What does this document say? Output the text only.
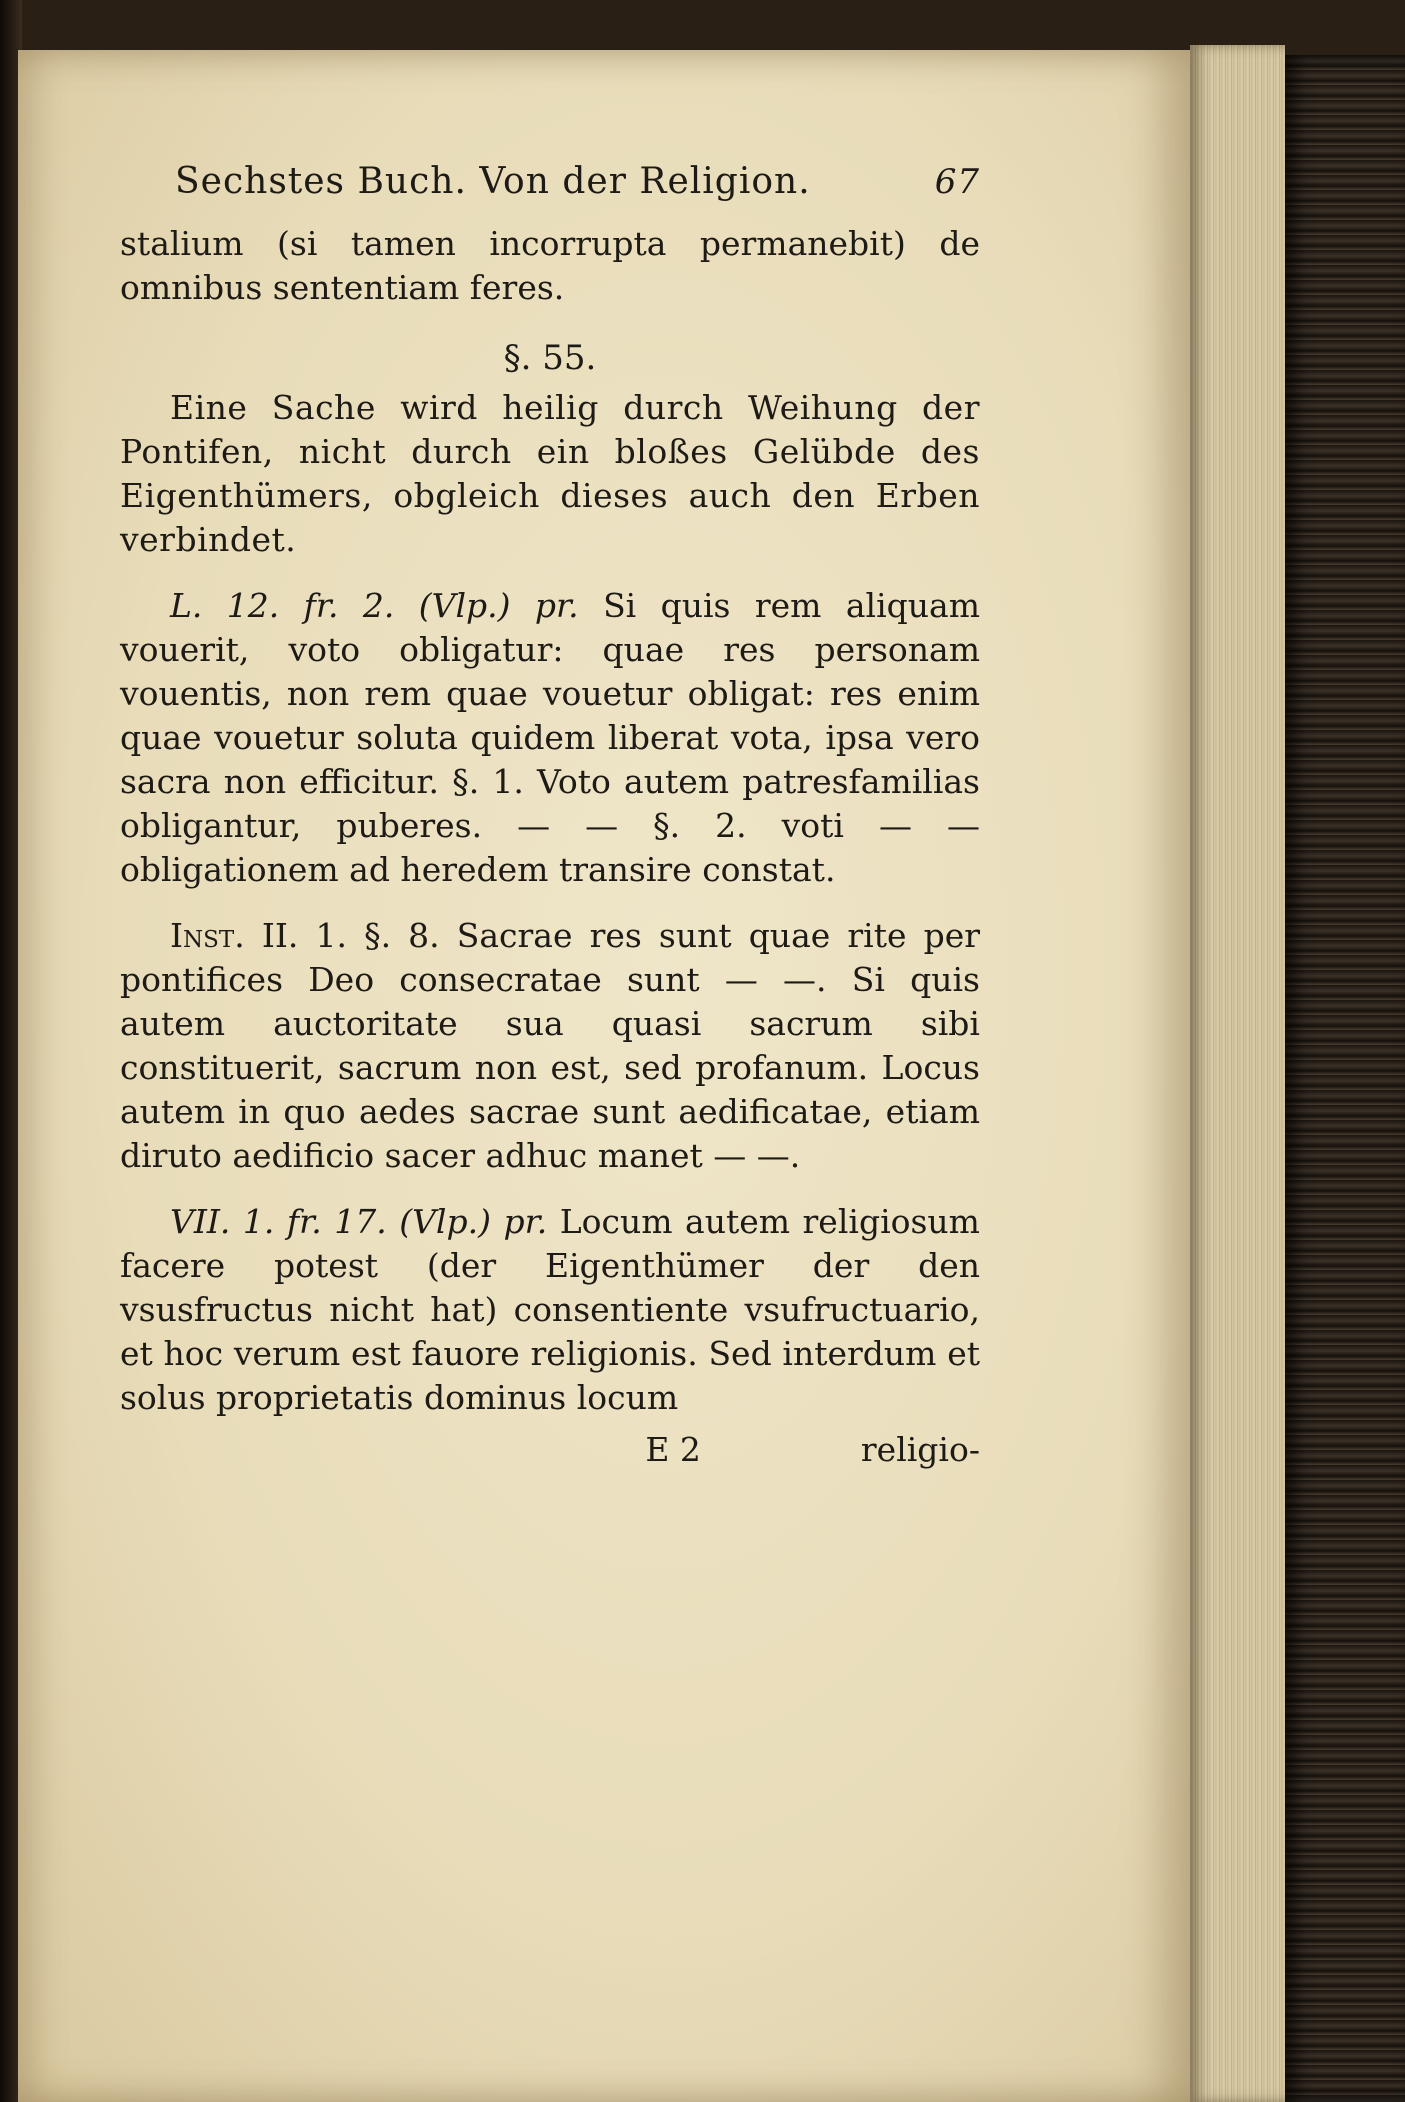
Sechstes Buch. Von der Religion.	67

stalium (si tamen incorrupta permanebit) de omnibus sententiam feres.

§. 55.

Eine Sache wird heilig durch Weihung der Pontifen, nicht durch ein bloßes Gelübde des Eigenthümers, obgleich dieses auch den Erben verbindet.

L. 12. fr. 2. (Vlp.) pr. Si quis rem aliquam vouerit, voto obligatur: quae res personam vouentis, non rem quae vouetur obligat: res enim quae vouetur soluta quidem liberat vota, ipsa vero sacra non efficitur. §. 1. Voto autem patresfamilias obligantur, puberes. — — §. 2. voti — — obligationem ad heredem transire constat.

Inst. II. 1. §. 8. Sacrae res sunt quae rite per pontifices Deo consecratae sunt — —. Si quis autem auctoritate sua quasi sacrum sibi constituerit, sacrum non est, sed profanum. Locus autem in quo aedes sacrae sunt aedificatae, etiam diruto aedificio sacer adhuc manet — —.

VII. 1. fr. 17. (Vlp.) pr. Locum autem religiosum facere potest (der Eigenthümer der den vsusfructus nicht hat) consentiente vsufructuario, et hoc verum est fauore religionis. Sed interdum et solus proprietatis dominus locum

E 2	religio-
